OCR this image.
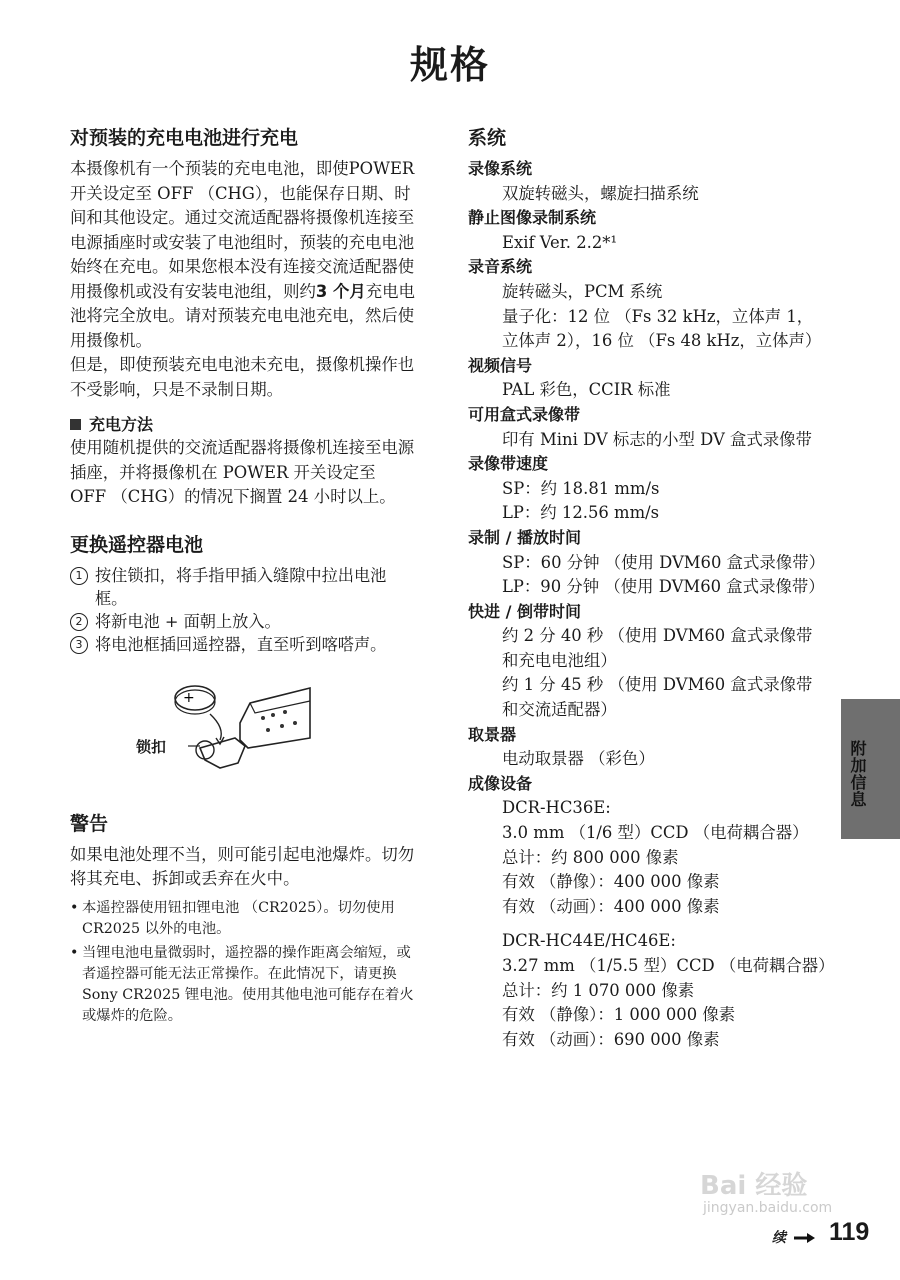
规格
对预装的充电电池进行充电

本摄像机有一个预装的充电电池，即使POWER 开关设定至 OFF （CHG），也能保存日期、时间和其他设定。通过交流适配器将摄像机连接至电源插座时或安装了电池组时，预装的充电电池始终在充电。如果您根本没有连接交流适配器使用摄像机或没有安装电池组，则约3 个月充电电池将完全放电。请对预装充电电池充电，然后使用摄像机。

但是，即使预装充电电池未充电，摄像机操作也不受影响，只是不录制日期。

充电方法

使用随机提供的交流适配器将摄像机连接至电源插座，并将摄像机在 POWER 开关设定至 OFF （CHG）的情况下搁置 24 小时以上。

更换遥控器电池
1 按住锁扣，将手指甲插入缝隙中拉出电池框。
2 将新电池 + 面朝上放入。
3 将电池框插回遥控器，直至听到喀嗒声。
+
锁扣
警告

如果电池处理不当，则可能引起电池爆炸。切勿将其充电、拆卸或丢弃在火中。

• 本遥控器使用钮扣锂电池 （CR2025）。切勿使用 CR2025 以外的电池。
• 当锂电池电量微弱时，遥控器的操作距离会缩短，或者遥控器可能无法正常操作。在此情况下，请更换 Sony CR2025 锂电池。使用其他电池可能存在着火或爆炸的危险。
系统
录像系统
双旋转磁头，螺旋扫描系统
静止图像录制系统
Exif Ver. 2.2*¹
录音系统
旋转磁头，PCM 系统
量子化：12 位 （Fs 32 kHz，立体声 1，立体声 2），16 位 （Fs 48 kHz，立体声）
视频信号
PAL 彩色，CCIR 标准
可用盒式录像带
印有 Mini DV 标志的小型 DV 盒式录像带
录像带速度
SP：约 18.81 mm/s
LP：约 12.56 mm/s
录制 / 播放时间
SP：60 分钟 （使用 DVM60 盒式录像带）
LP：90 分钟 （使用 DVM60 盒式录像带）
快进 / 倒带时间
约 2 分 40 秒 （使用 DVM60 盒式录像带和充电电池组）
约 1 分 45 秒 （使用 DVM60 盒式录像带和交流适配器）
取景器
电动取景器 （彩色）
成像设备
DCR-HC36E:
3.0 mm （1/6 型）CCD （电荷耦合器）
总计：约 800 000 像素
有效 （静像）：400 000 像素
有效 （动画）：400 000 像素
DCR-HC44E/HC46E:
3.27 mm （1/5.5 型）CCD （电荷耦合器）
总计：约 1 070 000 像素
有效 （静像）：1 000 000 像素
有效 （动画）：690 000 像素
附加信息
Bai 经验
jingyan.baidu.com
续 119
